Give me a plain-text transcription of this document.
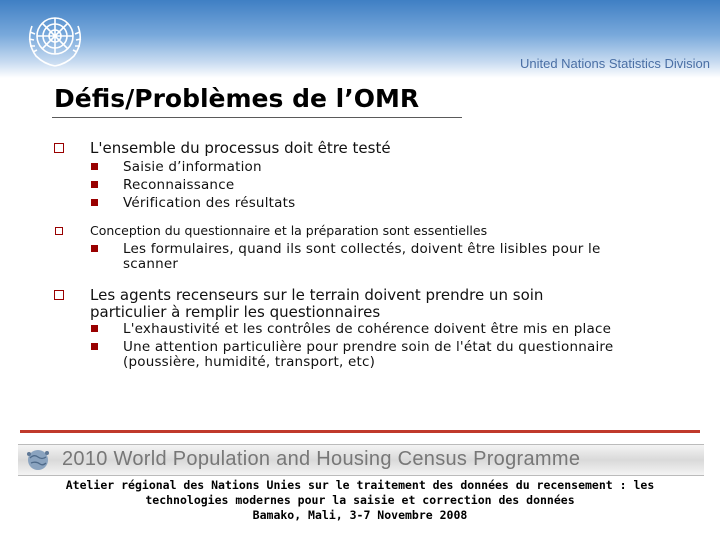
United Nations Statistics Division
Défis/Problèmes de l’OMR

L'ensemble du processus doit être testé

Saisie d’information

Reconnaissance

Vérification des résultats

Conception du questionnaire et la préparation sont essentielles

Les formulaires, quand ils sont collectés, doivent être lisibles pour le

scanner

Les agents recenseurs sur le terrain doivent prendre un soin

particulier à remplir les questionnaires

L'exhaustivité et les contrôles de cohérence doivent être mis en place

Une attention particulière pour prendre soin de l'état du questionnaire

(poussière, humidité, transport, etc)

2010 World Population and Housing Census Programme
Atelier régional des Nations Unies sur le traitement des données du recensement : les
technologies modernes pour la saisie et correction des données
Bamako, Mali, 3-7 Novembre 2008
